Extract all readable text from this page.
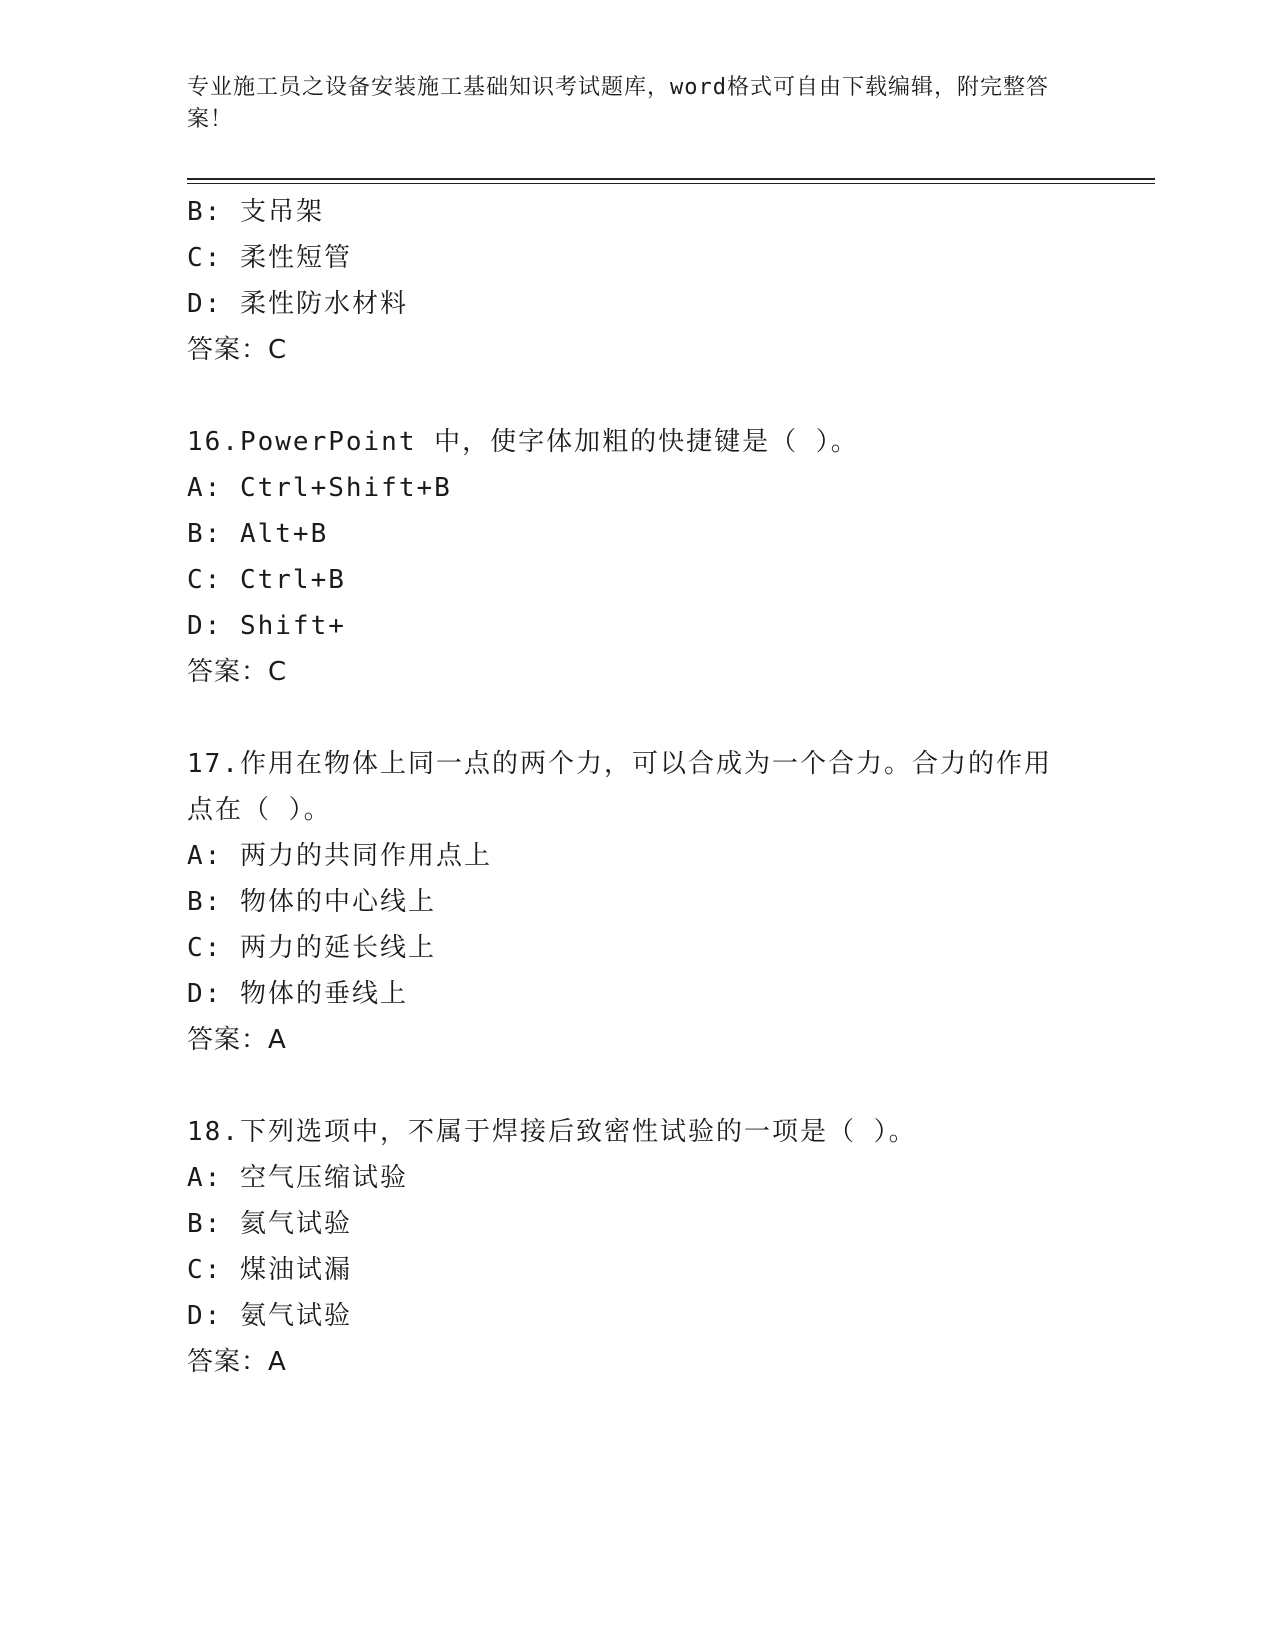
专业施工员之设备安装施工基础知识考试题库，word格式可自由下载编辑，附完整答案！
B: 支吊架
C: 柔性短管
D: 柔性防水材料
答案：C
16.PowerPoint 中，使字体加粗的快捷键是（ ）。
A: Ctrl+Shift+B
B: Alt+B
C: Ctrl+B
D: Shift+
答案：C
17.作用在物体上同一点的两个力，可以合成为一个合力。合力的作用点在（ ）。
A: 两力的共同作用点上
B: 物体的中心线上
C: 两力的延长线上
D: 物体的垂线上
答案：A
18.下列选项中，不属于焊接后致密性试验的一项是（ ）。
A: 空气压缩试验
B: 氦气试验
C: 煤油试漏
D: 氨气试验
答案：A
